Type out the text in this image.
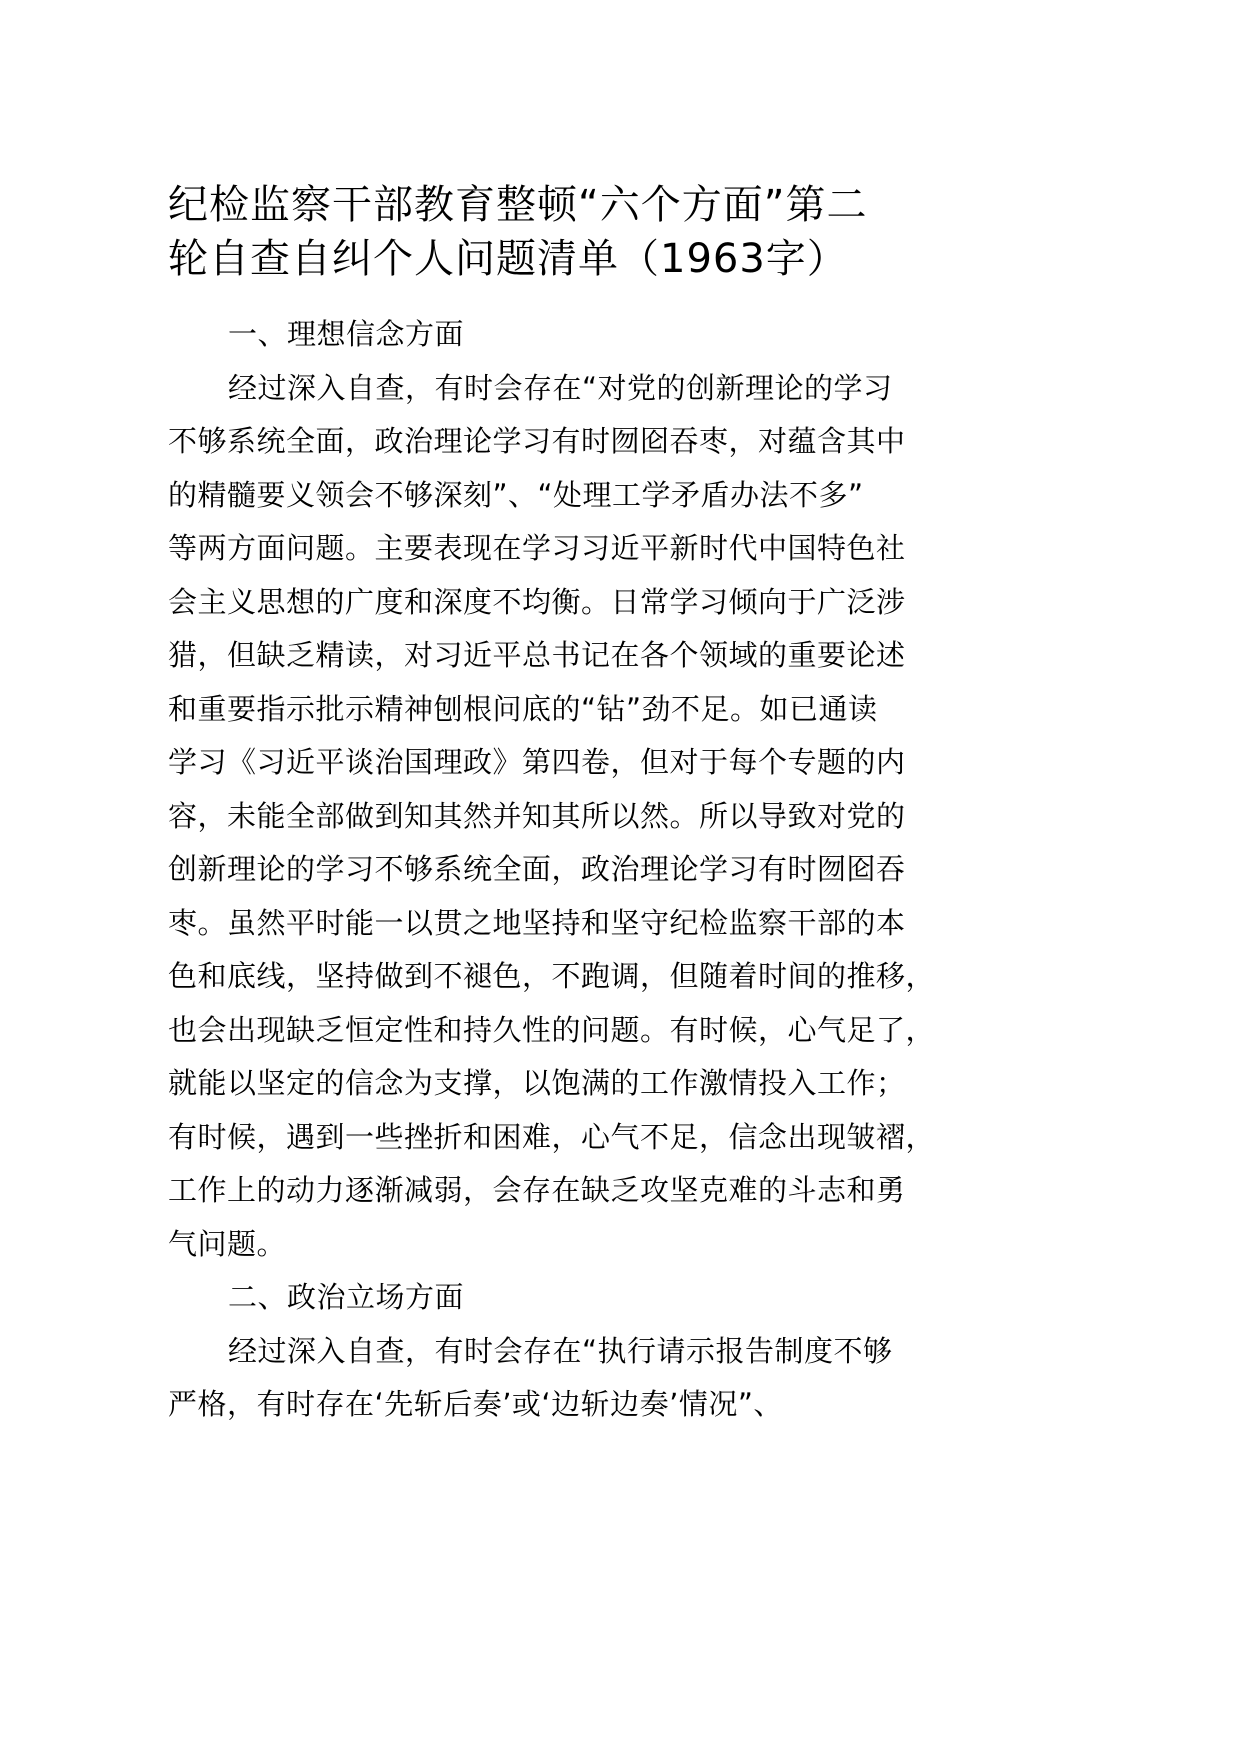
纪检监察干部教育整顿“六个方面”第二
轮自查自纠个人问题清单（1963字）
一、理想信念方面
经过深入自查，有时会存在“对党的创新理论的学习
不够系统全面，政治理论学习有时囫囵吞枣，对蕴含其中
的精髓要义领会不够深刻”、“处理工学矛盾办法不多”
等两方面问题。主要表现在学习习近平新时代中国特色社
会主义思想的广度和深度不均衡。日常学习倾向于广泛涉
猎，但缺乏精读，对习近平总书记在各个领域的重要论述
和重要指示批示精神刨根问底的“钻”劲不足。如已通读
学习《习近平谈治国理政》第四卷，但对于每个专题的内
容，未能全部做到知其然并知其所以然。所以导致对党的
创新理论的学习不够系统全面，政治理论学习有时囫囵吞
枣。虽然平时能一以贯之地坚持和坚守纪检监察干部的本
色和底线，坚持做到不褪色，不跑调，但随着时间的推移，
也会出现缺乏恒定性和持久性的问题。有时候，心气足了，
就能以坚定的信念为支撑，以饱满的工作激情投入工作；
有时候，遇到一些挫折和困难，心气不足，信念出现皱褶，
工作上的动力逐渐减弱，会存在缺乏攻坚克难的斗志和勇
气问题。
二、政治立场方面
经过深入自查，有时会存在“执行请示报告制度不够
严格，有时存在‘先斩后奏’或‘边斩边奏’情况”、
